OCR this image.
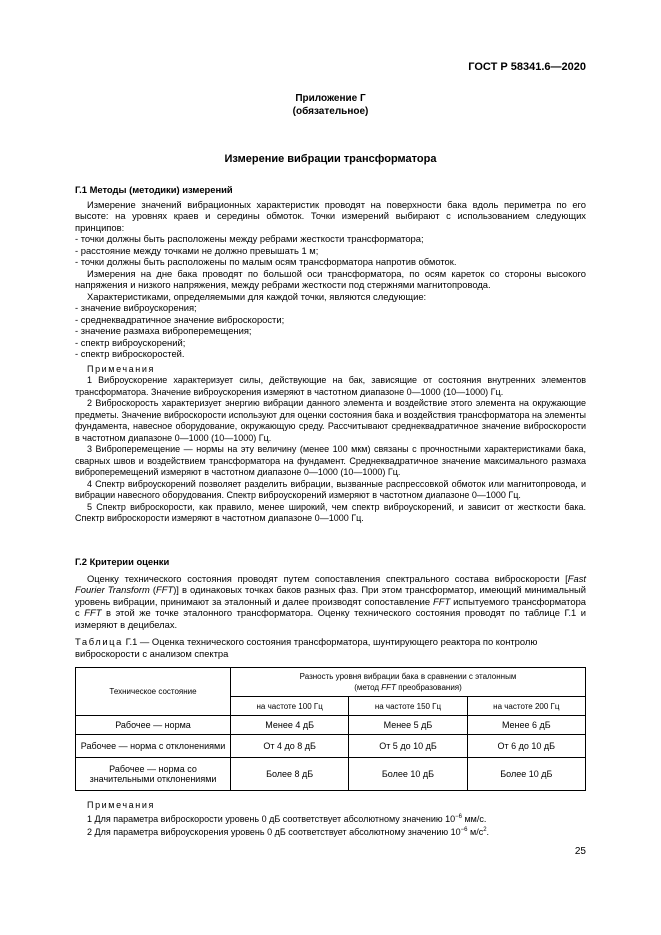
ГОСТ Р 58341.6—2020
Приложение Г
(обязательное)
Измерение вибрации трансформатора

Г.1 Методы (методики) измерений

Измерение значений вибрационных характеристик проводят на поверхности бака вдоль периметра по его высоте: на уровнях краев и середины обмоток. Точки измерений выбирают с использованием следующих принципов:

- точки должны быть расположены между ребрами жесткости трансформатора;

- расстояние между точками не должно превышать 1 м;

- точки должны быть расположены по малым осям трансформатора напротив обмоток.

Измерения на дне бака проводят по большой оси трансформатора, по осям кареток со стороны высокого напряжения и низкого напряжения, между ребрами жесткости под стержнями магнитопровода.

Характеристиками, определяемыми для каждой точки, являются следующие:

- значение виброускорения;

- среднеквадратичное значение виброскорости;

- значение размаха виброперемещения;

- спектр виброускорений;

- спектр виброскоростей.

Примечания

1 Виброускорение характеризует силы, действующие на бак, зависящие от состояния внутренних элементов трансформатора. Значение виброускорения измеряют в частотном диапазоне 0—1000 (10—1000) Гц.

2 Виброскорость характеризует энергию вибрации данного элемента и воздействие этого элемента на окружающие предметы. Значение виброскорости используют для оценки состояния бака и воздействия трансформатора на элементы фундамента, навесное оборудование, окружающую среду. Рассчитывают среднеквадратичное значение виброскорости в частотном диапазоне 0—1000 (10—1000) Гц.

3 Виброперемещение — нормы на эту величину (менее 100 мкм) связаны с прочностными характеристиками бака, сварных швов и воздействием трансформатора на фундамент. Среднеквадратичное значение максимального размаха виброперемещений измеряют в частотном диапазоне 0—1000 (10—1000) Гц.

4 Спектр виброускорений позволяет разделить вибрации, вызванные распрессовкой обмоток или магнитопровода, и вибрации навесного оборудования. Спектр виброускорений измеряют в частотном диапазоне 0—1000 Гц.

5 Спектр виброскорости, как правило, менее широкий, чем спектр виброускорений, и зависит от жесткости бака. Спектр виброскорости измеряют в частотном диапазоне 0—1000 Гц.

Г.2 Критерии оценки

Оценку технического состояния проводят путем сопоставления спектрального состава виброскорости [Fast Fourier Transform (FFT)] в одинаковых точках баков разных фаз. При этом трансформатор, имеющий минимальный уровень вибрации, принимают за эталонный и далее производят сопоставление FFT испытуемого трансформатора с FFT в этой же точке эталонного трансформатора. Оценку технического состояния проводят по таблице Г.1 и измеряют в децибелах.

Таблица Г.1 — Оценка технического состояния трансформатора, шунтирующего реактора по контролю виброскорости с анализом спектра
Техническое состояние	Разность уровня вибрации бака в сравнении с эталонным
(метод FFT преобразования)		

	на частоте 100 Гц	на частоте 150 Гц	на частоте 200 Гц
Рабочее — норма	Менее 4 дБ	Менее 5 дБ	Менее 6 дБ
Рабочее — норма с отклонениями	От 4 до 8 дБ	От 5 до 10 дБ	От 6 до 10 дБ
Рабочее — норма со значительными отклонениями	Более 8 дБ	Более 10 дБ	Более 10 дБ

Примечания

1 Для параметра виброскорости уровень 0 дБ соответствует абсолютному значению $10^{-6}$ мм/с.

2 Для параметра виброускорения уровень 0 дБ соответствует абсолютному значению $10^{-6}$ $м/с^2$.

25
